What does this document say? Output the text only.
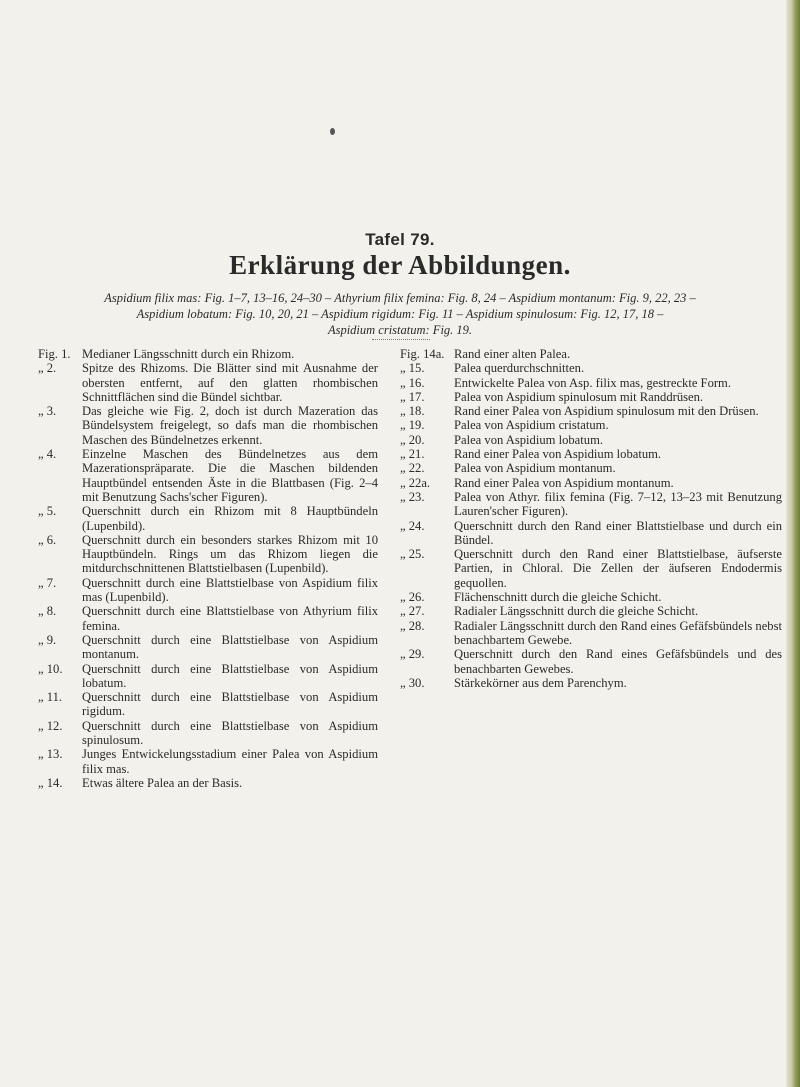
Tafel 79.
Erklärung der Abbildungen.
Aspidium filix mas: Fig. 1–7, 13–16, 24–30 – Athyrium filix femina: Fig. 8, 24 – Aspidium montanum: Fig. 9, 22, 23 –
Aspidium lobatum: Fig. 10, 20, 21 – Aspidium rigidum: Fig. 11 – Aspidium spinulosum: Fig. 12, 17, 18 –
Aspidium cristatum: Fig. 19.
Fig. 1. Medianer Längsschnitt durch ein Rhizom.
„ 2.	Spitze des Rhizoms. Die Blätter sind mit Ausnahme der obersten entfernt, auf den glatten rhombischen Schnittflächen sind die Bündel sichtbar.
„ 3.	Das gleiche wie Fig. 2, doch ist durch Mazeration das Bündelsystem freigelegt, so dafs man die rhombischen Maschen des Bündelnetzes erkennt.
„ 4.	Einzelne Maschen des Bündelnetzes aus dem Mazerationspräparate. Die die Maschen bildenden Hauptbündel entsenden Äste in die Blattbasen (Fig. 2–4 mit Benutzung Sachs'scher Figuren).
„ 5.	Querschnitt durch ein Rhizom mit 8 Hauptbündeln (Lupenbild).
„ 6.	Querschnitt durch ein besonders starkes Rhizom mit 10 Hauptbündeln. Rings um das Rhizom liegen die mitdurchschnittenen Blattstielbasen (Lupenbild).
„ 7.	Querschnitt durch eine Blattstielbase von Aspidium filix mas (Lupenbild).
„ 8.	Querschnitt durch eine Blattstielbase von Athyrium filix femina.
„ 9.	Querschnitt durch eine Blattstielbase von Aspidium montanum.
„ 10.	Querschnitt durch eine Blattstielbase von Aspidium lobatum.
„ 11.	Querschnitt durch eine Blattstielbase von Aspidium rigidum.
„ 12.	Querschnitt durch eine Blattstielbase von Aspidium spinulosum.
„ 13.	Junges Entwickelungsstadium einer Palea von Aspidium filix mas.
„ 14.	Etwas ältere Palea an der Basis.
Fig. 14a. Rand einer alten Palea.
„ 15.	Palea querdurchschnitten.
„ 16.	Entwickelte Palea von Asp. filix mas, gestreckte Form.
„ 17.	Palea von Aspidium spinulosum mit Randdrüsen.
„ 18.	Rand einer Palea von Aspidium spinulosum mit den Drüsen.
„ 19.	Palea von Aspidium cristatum.
„ 20.	Palea von Aspidium lobatum.
„ 21.	Rand einer Palea von Aspidium lobatum.
„ 22.	Palea von Aspidium montanum.
„ 22a.	Rand einer Palea von Aspidium montanum.
„ 23.	Palea von Athyr. filix femina (Fig. 7–12, 13–23 mit Benutzung Lauren'scher Figuren).
„ 24.	Querschnitt durch den Rand einer Blattstielbase und durch ein Bündel.
„ 25.	Querschnitt durch den Rand einer Blattstielbase, äufserste Partien, in Chloral. Die Zellen der äufseren Endodermis gequollen.
„ 26.	Flächenschnitt durch die gleiche Schicht.
„ 27.	Radialer Längsschnitt durch die gleiche Schicht.
„ 28.	Radialer Längsschnitt durch den Rand eines Gefäfsbündels nebst benachbartem Gewebe.
„ 29.	Querschnitt durch den Rand eines Gefäfsbündels und des benachbarten Gewebes.
„ 30.	Stärkekörner aus dem Parenchym.
